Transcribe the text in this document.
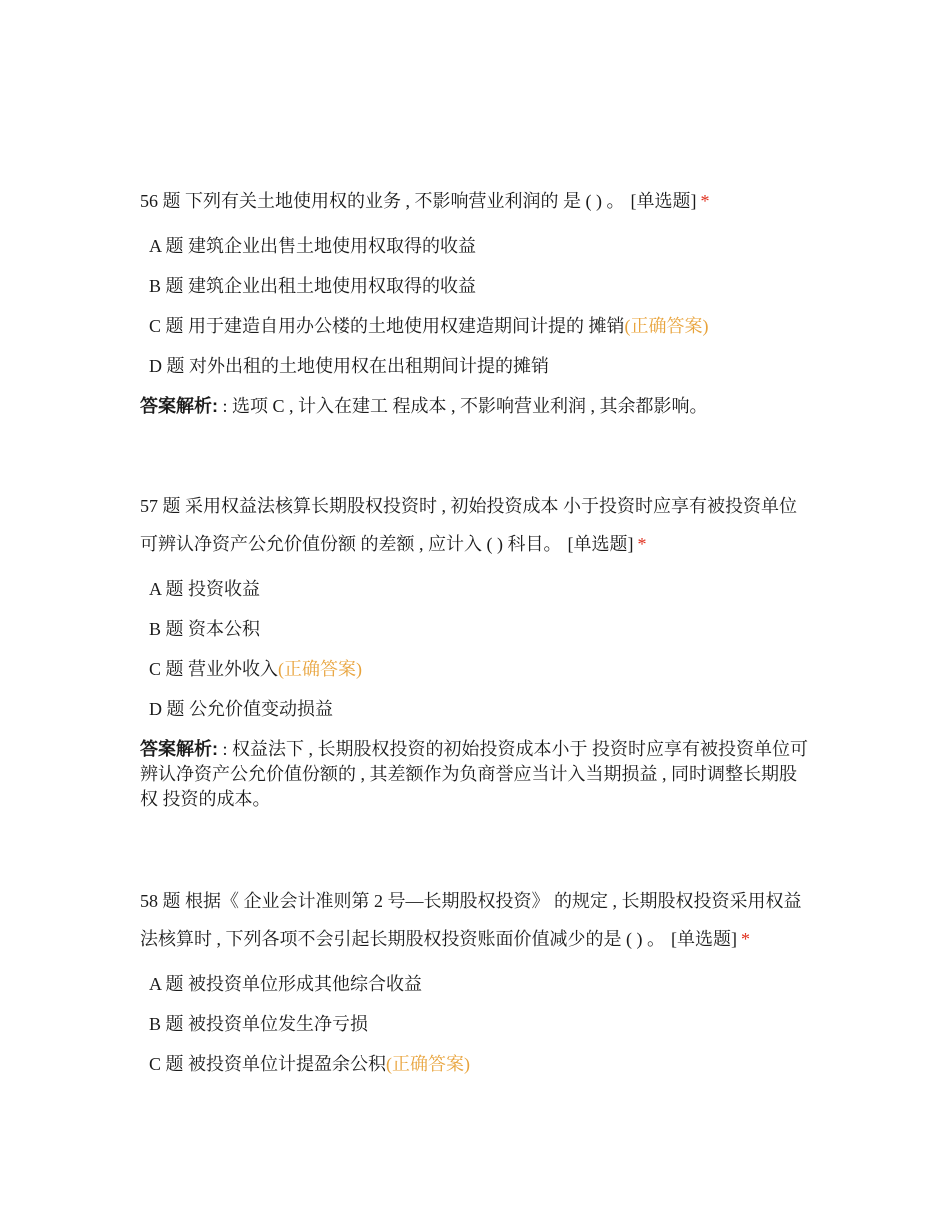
56 题 下列有关土地使用权的业务 , 不影响营业利润的 是 ( ) 。 [单选题] *

A 题 建筑企业出售土地使用权取得的收益
B 题 建筑企业出租土地使用权取得的收益
C 题 用于建造自用办公楼的土地使用权建造期间计提的 摊销(正确答案)
D 题 对外出租的土地使用权在出租期间计提的摊销
答案解析: : 选项 C , 计入在建工 程成本 , 不影响营业利润 , 其余都影响。

57 题 采用权益法核算长期股权投资时 , 初始投资成本 小于投资时应享有被投资单位可辨认净资产公允价值份额 的差额 , 应计入 ( ) 科目。 [单选题] *

A 题 投资收益
B 题 资本公积
C 题 营业外收入(正确答案)
D 题 公允价值变动损益
答案解析: : 权益法下 , 长期股权投资的初始投资成本小于 投资时应享有被投资单位可辨认净资产公允价值份额的 , 其差额作为负商誉应当计入当期损益 , 同时调整长期股权 投资的成本。

58 题 根据《 企业会计准则第 2 号—长期股权投资》 的规定 , 长期股权投资采用权益法核算时 , 下列各项不会引起长期股权投资账面价值减少的是 ( ) 。 [单选题] *

A 题 被投资单位形成其他综合收益
B 题 被投资单位发生净亏损
C 题 被投资单位计提盈余公积(正确答案)
